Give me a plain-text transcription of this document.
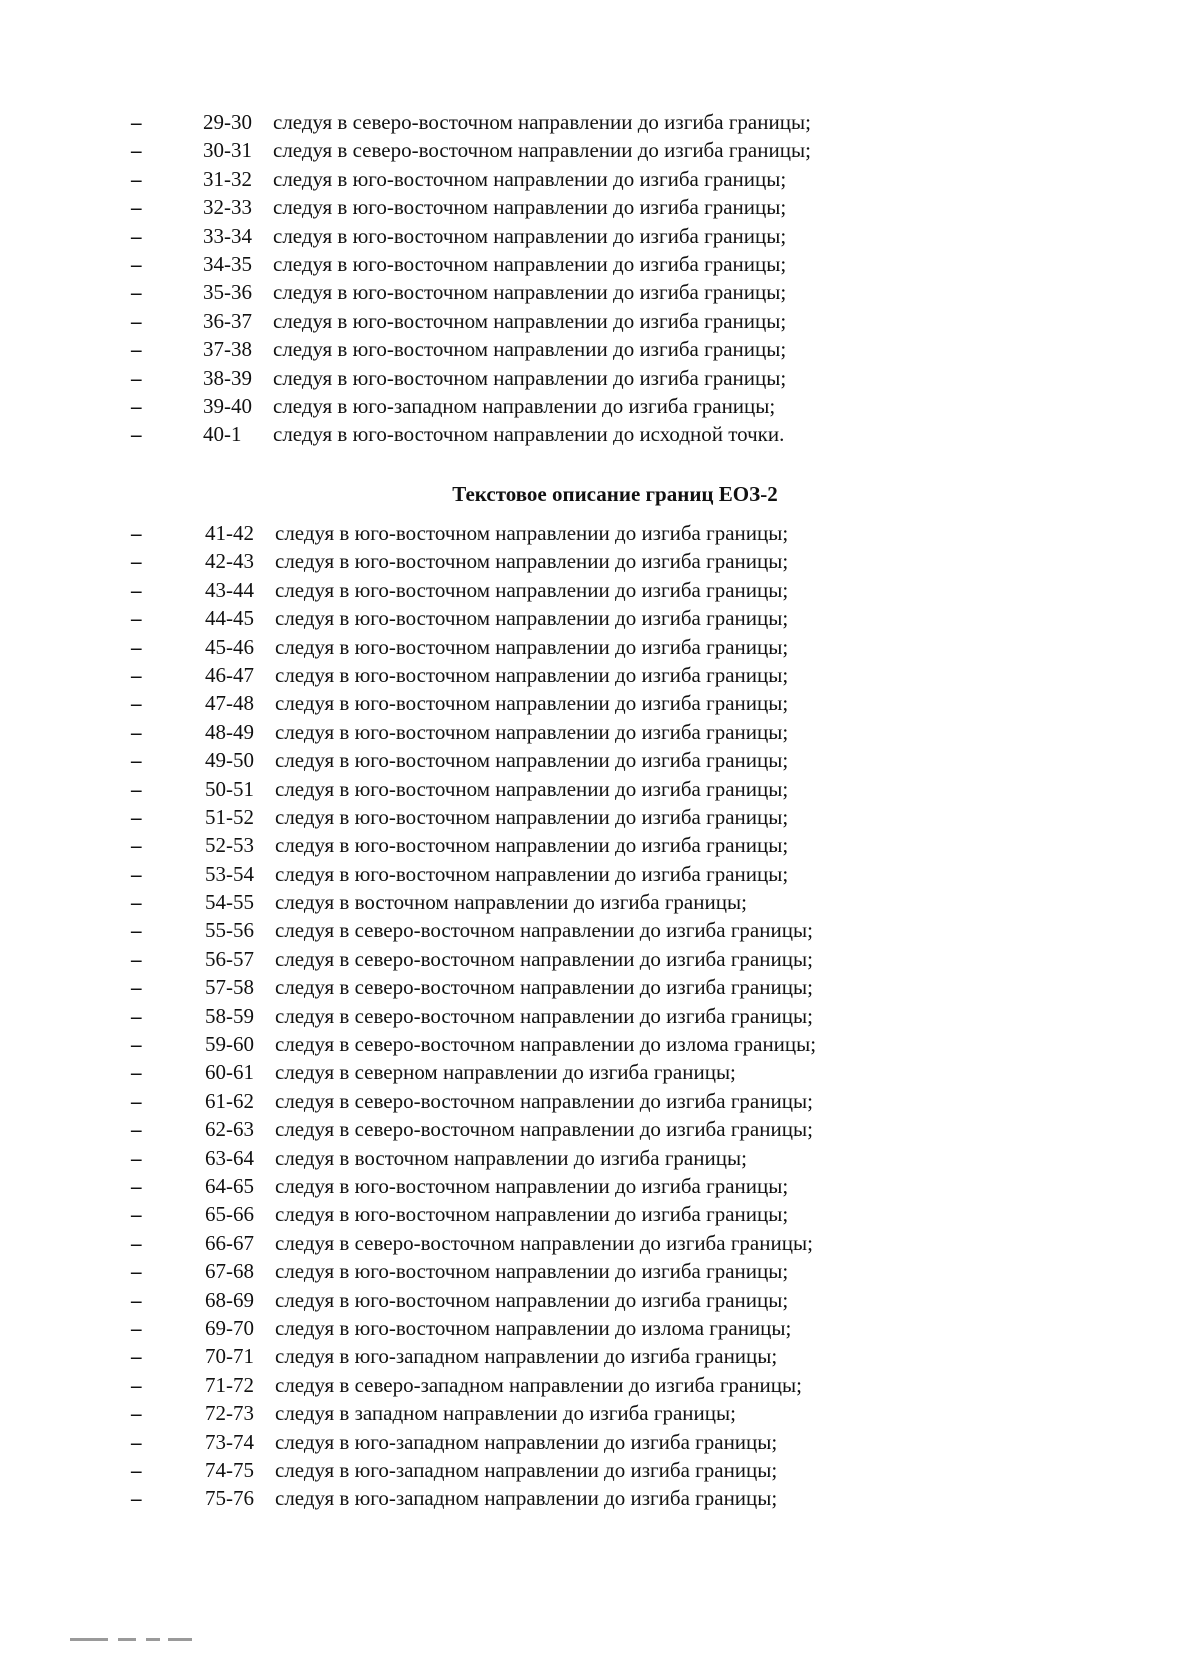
–	29-30 следуя в северо-восточном направлении до изгиба границы;
–	30-31 следуя в северо-восточном направлении до изгиба границы;
–	31-32 следуя в юго-восточном направлении до изгиба границы;
–	32-33 следуя в юго-восточном направлении до изгиба границы;
–	33-34 следуя в юго-восточном направлении до изгиба границы;
–	34-35 следуя в юго-восточном направлении до изгиба границы;
–	35-36 следуя в юго-восточном направлении до изгиба границы;
–	36-37 следуя в юго-восточном направлении до изгиба границы;
–	37-38 следуя в юго-восточном направлении до изгиба границы;
–	38-39 следуя в юго-восточном направлении до изгиба границы;
–	39-40 следуя в юго-западном направлении до изгиба границы;
–	40-1 следуя в юго-восточном направлении до исходной точки.
Текстовое описание границ ЕОЗ-2
–	41-42 следуя в юго-восточном направлении до изгиба границы;
–	42-43 следуя в юго-восточном направлении до изгиба границы;
–	43-44 следуя в юго-восточном направлении до изгиба границы;
–	44-45 следуя в юго-восточном направлении до изгиба границы;
–	45-46 следуя в юго-восточном направлении до изгиба границы;
–	46-47 следуя в юго-восточном направлении до изгиба границы;
–	47-48 следуя в юго-восточном направлении до изгиба границы;
–	48-49 следуя в юго-восточном направлении до изгиба границы;
–	49-50 следуя в юго-восточном направлении до изгиба границы;
–	50-51 следуя в юго-восточном направлении до изгиба границы;
–	51-52 следуя в юго-восточном направлении до изгиба границы;
–	52-53 следуя в юго-восточном направлении до изгиба границы;
–	53-54 следуя в юго-восточном направлении до изгиба границы;
–	54-55 следуя в восточном направлении до изгиба границы;
–	55-56 следуя в северо-восточном направлении до изгиба границы;
–	56-57 следуя в северо-восточном направлении до изгиба границы;
–	57-58 следуя в северо-восточном направлении до изгиба границы;
–	58-59 следуя в северо-восточном направлении до изгиба границы;
–	59-60 следуя в северо-восточном направлении до излома границы;
–	60-61 следуя в северном направлении до изгиба границы;
–	61-62 следуя в северо-восточном направлении до изгиба границы;
–	62-63 следуя в северо-восточном направлении до изгиба границы;
–	63-64 следуя в восточном направлении до изгиба границы;
–	64-65 следуя в юго-восточном направлении до изгиба границы;
–	65-66 следуя в юго-восточном направлении до изгиба границы;
–	66-67 следуя в северо-восточном направлении до изгиба границы;
–	67-68 следуя в юго-восточном направлении до изгиба границы;
–	68-69 следуя в юго-восточном направлении до изгиба границы;
–	69-70 следуя в юго-восточном направлении до излома границы;
–	70-71 следуя в юго-западном направлении до изгиба границы;
–	71-72 следуя в северо-западном направлении до изгиба границы;
–	72-73 следуя в западном направлении до изгиба границы;
–	73-74 следуя в юго-западном направлении до изгиба границы;
–	74-75 следуя в юго-западном направлении до изгиба границы;
–	75-76 следуя в юго-западном направлении до изгиба границы;
